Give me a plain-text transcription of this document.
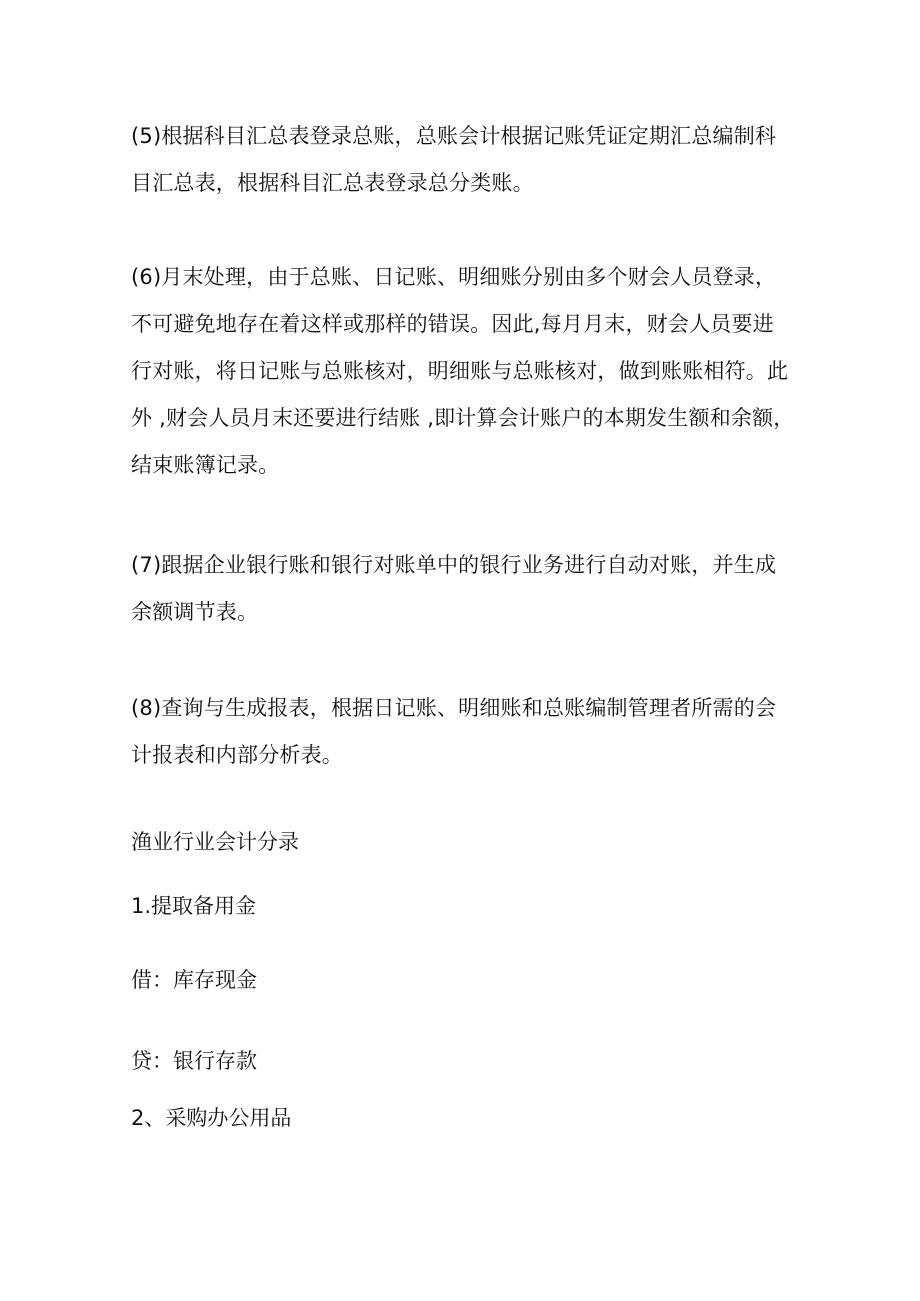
(5)根据科目汇总表登录总账，总账会计根据记账凭证定期汇总编制科
目汇总表，根据科目汇总表登录总分类账。

(6)月末处理，由于总账、日记账、明细账分别由多个财会人员登录，
不可避免地存在着这样或那样的错误。因此,每月月末，财会人员要进
行对账，将日记账与总账核对，明细账与总账核对，做到账账相符。此
外 ,财会人员月末还要进行结账 ,即计算会计账户的本期发生额和余额，
结束账簿记录。

(7)跟据企业银行账和银行对账单中的银行业务进行自动对账，并生成
余额调节表。

(8)查询与生成报表，根据日记账、明细账和总账编制管理者所需的会
计报表和内部分析表。

渔业行业会计分录

1.提取备用金

借：库存现金

贷：银行存款

2、采购办公用品
